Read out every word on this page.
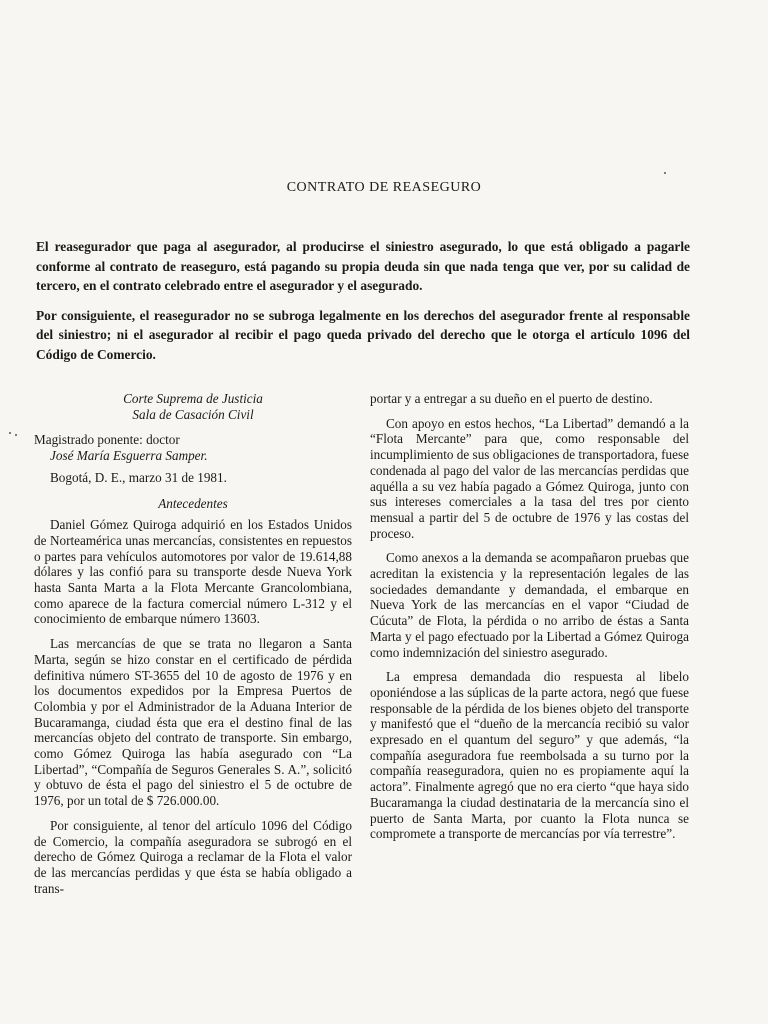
CONTRATO DE REASEGURO

El reasegurador que paga al asegurador, al producirse el siniestro asegurado, lo que está obligado a pagarle conforme al contrato de reaseguro, está pagando su propia deuda sin que nada tenga que ver, por su calidad de tercero, en el contrato celebrado entre el asegurador y el asegurado.

Por consiguiente, el reasegurador no se subroga legalmente en los derechos del asegurador frente al responsable del siniestro; ni el asegurador al recibir el pago queda privado del derecho que le otorga el artículo 1096 del Código de Comercio.

Corte Suprema de Justicia
Sala de Casación Civil
Magistrado ponente: doctor
José María Esguerra Samper.
Bogotá, D. E., marzo 31 de 1981.
Antecedentes

Daniel Gómez Quiroga adquirió en los Estados Unidos de Norteamérica unas mercancías, consistentes en repuestos o partes para vehículos automotores por valor de 19.614,88 dólares y las confió para su transporte desde Nueva York hasta Santa Marta a la Flota Mercante Grancolombiana, como aparece de la factura comercial número L-312 y el conocimiento de embarque número 13603.

Las mercancías de que se trata no llegaron a Santa Marta, según se hizo constar en el certificado de pérdida definitiva número ST-3655 del 10 de agosto de 1976 y en los documentos expedidos por la Empresa Puertos de Colombia y por el Administrador de la Aduana Interior de Bucaramanga, ciudad ésta que era el destino final de las mercancías objeto del contrato de transporte. Sin embargo, como Gómez Quiroga las había asegurado con “La Libertad”, “Compañía de Seguros Generales S. A.”, solicitó y obtuvo de ésta el pago del siniestro el 5 de octubre de 1976, por un total de $ 726.000.00.

Por consiguiente, al tenor del artículo 1096 del Código de Comercio, la compañía aseguradora se subrogó en el derecho de Gómez Quiroga a reclamar de la Flota el valor de las mercancías perdidas y que ésta se había obligado a trans-

portar y a entregar a su dueño en el puerto de destino.

Con apoyo en estos hechos, “La Libertad” demandó a la “Flota Mercante” para que, como responsable del incumplimiento de sus obligaciones de transportadora, fuese condenada al pago del valor de las mercancías perdidas que aquélla a su vez había pagado a Gómez Quiroga, junto con sus intereses comerciales a la tasa del tres por ciento mensual a partir del 5 de octubre de 1976 y las costas del proceso.

Como anexos a la demanda se acompañaron pruebas que acreditan la existencia y la representación legales de las sociedades demandante y demandada, el embarque en Nueva York de las mercancías en el vapor “Ciudad de Cúcuta” de Flota, la pérdida o no arribo de éstas a Santa Marta y el pago efectuado por la Libertad a Gómez Quiroga como indemnización del siniestro asegurado.

La empresa demandada dio respuesta al libelo oponiéndose a las súplicas de la parte actora, negó que fuese responsable de la pérdida de los bienes objeto del transporte y manifestó que el “dueño de la mercancía recibió su valor expresado en el quantum del seguro” y que además, “la compañía aseguradora fue reembolsada a su turno por la compañía reaseguradora, quien no es propiamente aquí la actora”. Finalmente agregó que no era cierto “que haya sido Bucaramanga la ciudad destinataria de la mercancía sino el puerto de Santa Marta, por cuanto la Flota nunca se compromete a transporte de mercancías por vía terrestre”.
